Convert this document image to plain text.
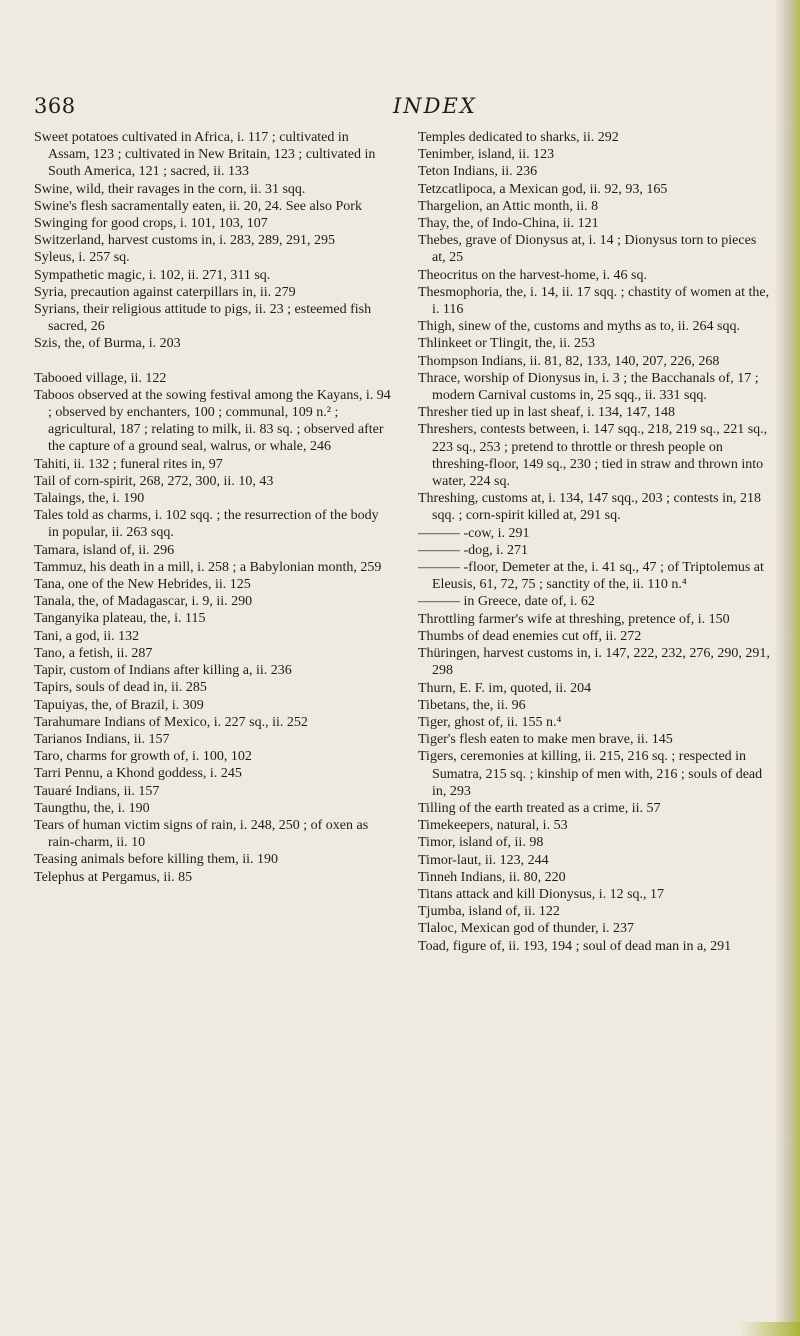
368	INDEX

Sweet potatoes cultivated in Africa, i. 117 ; cultivated in Assam, 123 ; cultivated in New Britain, 123 ; cultivated in South America, 121 ; sacred, ii. 133

Swine, wild, their ravages in the corn, ii. 31 sqq.

Swine's flesh sacramentally eaten, ii. 20, 24. See also Pork

Swinging for good crops, i. 101, 103, 107

Switzerland, harvest customs in, i. 283, 289, 291, 295

Syleus, i. 257 sq.

Sympathetic magic, i. 102, ii. 271, 311 sq.

Syria, precaution against caterpillars in, ii. 279

Syrians, their religious attitude to pigs, ii. 23 ; esteemed fish sacred, 26

Szis, the, of Burma, i. 203

Tabooed village, ii. 122

Taboos observed at the sowing festival among the Kayans, i. 94 ; observed by enchanters, 100 ; communal, 109 n.² ; agricultural, 187 ; relating to milk, ii. 83 sq. ; observed after the capture of a ground seal, walrus, or whale, 246

Tahiti, ii. 132 ; funeral rites in, 97

Tail of corn-spirit, 268, 272, 300, ii. 10, 43

Talaings, the, i. 190

Tales told as charms, i. 102 sqq. ; the resurrection of the body in popular, ii. 263 sqq.

Tamara, island of, ii. 296

Tammuz, his death in a mill, i. 258 ; a Babylonian month, 259

Tana, one of the New Hebrides, ii. 125

Tanala, the, of Madagascar, i. 9, ii. 290

Tanganyika plateau, the, i. 115

Tani, a god, ii. 132

Tano, a fetish, ii. 287

Tapir, custom of Indians after killing a, ii. 236

Tapirs, souls of dead in, ii. 285

Tapuiyas, the, of Brazil, i. 309

Tarahumare Indians of Mexico, i. 227 sq., ii. 252

Tarianos Indians, ii. 157

Taro, charms for growth of, i. 100, 102

Tarri Pennu, a Khond goddess, i. 245

Tauaré Indians, ii. 157

Taungthu, the, i. 190

Tears of human victim signs of rain, i. 248, 250 ; of oxen as rain-charm, ii. 10

Teasing animals before killing them, ii. 190

Telephus at Pergamus, ii. 85

Temples dedicated to sharks, ii. 292

Tenimber, island, ii. 123

Teton Indians, ii. 236

Tetzcatlipoca, a Mexican god, ii. 92, 93, 165

Thargelion, an Attic month, ii. 8

Thay, the, of Indo-China, ii. 121

Thebes, grave of Dionysus at, i. 14 ; Dionysus torn to pieces at, 25

Theocritus on the harvest-home, i. 46 sq.

Thesmophoria, the, i. 14, ii. 17 sqq. ; chastity of women at the, i. 116

Thigh, sinew of the, customs and myths as to, ii. 264 sqq.

Thlinkeet or Tlingit, the, ii. 253

Thompson Indians, ii. 81, 82, 133, 140, 207, 226, 268

Thrace, worship of Dionysus in, i. 3 ; the Bacchanals of, 17 ; modern Carnival customs in, 25 sqq., ii. 331 sqq.

Thresher tied up in last sheaf, i. 134, 147, 148

Threshers, contests between, i. 147 sqq., 218, 219 sq., 221 sq., 223 sq., 253 ; pretend to throttle or thresh people on threshing-floor, 149 sq., 230 ; tied in straw and thrown into water, 224 sq.

Threshing, customs at, i. 134, 147 sqq., 203 ; contests in, 218 sqq. ; corn-spirit killed at, 291 sq.

——— -cow, i. 291

——— -dog, i. 271

——— -floor, Demeter at the, i. 41 sq., 47 ; of Triptolemus at Eleusis, 61, 72, 75 ; sanctity of the, ii. 110 n.⁴

——— in Greece, date of, i. 62

Throttling farmer's wife at threshing, pretence of, i. 150

Thumbs of dead enemies cut off, ii. 272

Thüringen, harvest customs in, i. 147, 222, 232, 276, 290, 291, 298

Thurn, E. F. im, quoted, ii. 204

Tibetans, the, ii. 96

Tiger, ghost of, ii. 155 n.⁴

Tiger's flesh eaten to make men brave, ii. 145

Tigers, ceremonies at killing, ii. 215, 216 sq. ; respected in Sumatra, 215 sq. ; kinship of men with, 216 ; souls of dead in, 293

Tilling of the earth treated as a crime, ii. 57

Timekeepers, natural, i. 53

Timor, island of, ii. 98

Timor-laut, ii. 123, 244

Tinneh Indians, ii. 80, 220

Titans attack and kill Dionysus, i. 12 sq., 17

Tjumba, island of, ii. 122

Tlaloc, Mexican god of thunder, i. 237

Toad, figure of, ii. 193, 194 ; soul of dead man in a, 291
